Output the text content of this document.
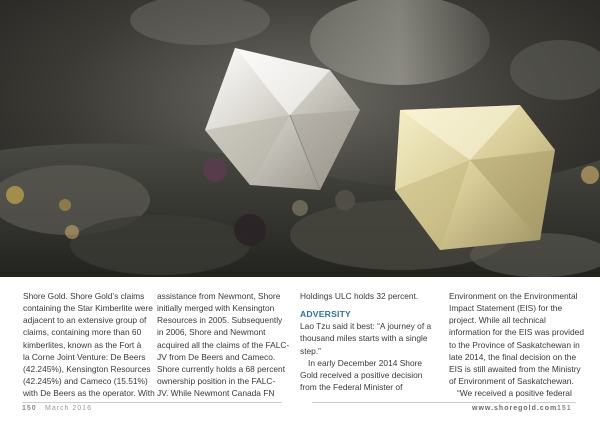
Shore Gold. Shore Gold’s claims

containing the Star Kimberlite were

adjacent to an extensive group of

claims, containing more than 60

kimberlites, known as the Fort à

la Corne Joint Venture: De Beers

(42.245%), Kensington Resources

(42.245%) and Cameco (15.51%)

with De Beers as the operator. With

assistance from Newmont, Shore

initially merged with Kensington

Resources in 2005. Subsequently

in 2006, Shore and Newmont

acquired all the claims of the FALC-

JV from De Beers and Cameco.

Shore currently holds a 68 percent

ownership position in the FALC-

JV. While Newmont Canada FN

Holdings ULC holds 32 percent.

ADVERSITY

Lao Tzu said it best: “A journey of a

thousand miles starts with a single

step.”

In early December 2014 Shore

Gold received a positive decision

from the Federal Minister of

Environment on the Environmental

Impact Statement (EIS) for the

project. While all technical

information for the EIS was provided

to the Province of Saskatchewan in

late 2014, the final decision on the

EIS is still awaited from the Ministry

of Environment of Saskatchewan.

“We received a positive federal

150 March 2016	www.shoregold.com 151
